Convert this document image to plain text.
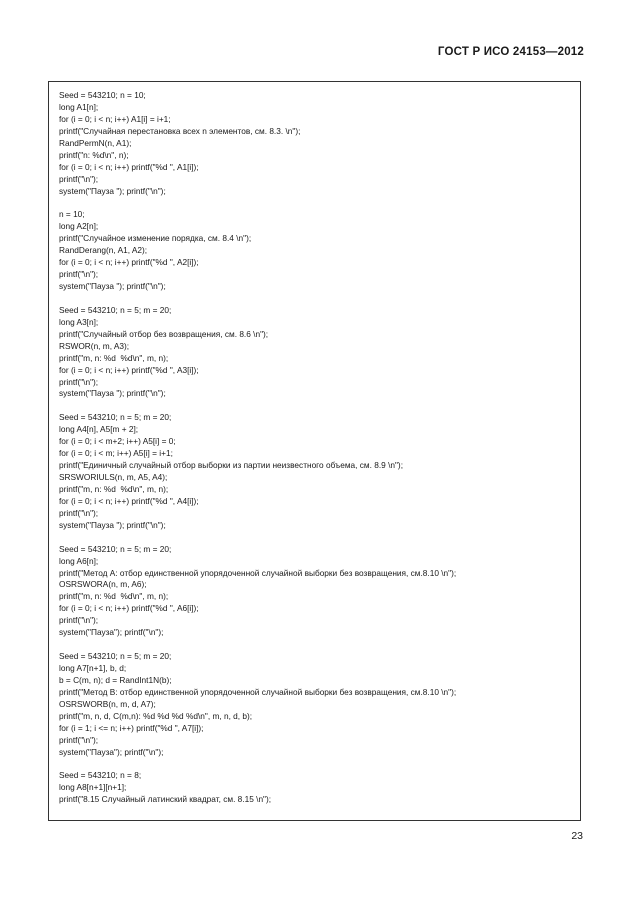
ГОСТ Р ИСО 24153—2012
Seed = 543210; n = 10;
long A1[n];
for (i = 0; i < n; i++) A1[i] = i+1;
printf("Случайная перестановка всех n элементов, см. 8.3. \n");
RandPermN(n, A1);
printf("n: %d\n", n);
for (i = 0; i < n; i++) printf("%d ", A1[i]);
printf("\n");
system("Пауза "); printf("\n");
n = 10;
long A2[n];
printf("Случайное изменение порядка, см. 8.4 \n");
RandDerang(n, A1, A2);
for (i = 0; i < n; i++) printf("%d ", A2[i]);
printf("\n");
system("Пауза "); printf("\n");
Seed = 543210; n = 5; m = 20;
long A3[n];
printf("Случайный отбор без возвращения, см. 8.6 \n");
RSWOR(n, m, A3);
printf("m, n: %d  %d\n", m, n);
for (i = 0; i < n; i++) printf("%d ", A3[i]);
printf("\n");
system("Пауза "); printf("\n");
Seed = 543210; n = 5; m = 20;
long A4[n], A5[m + 2];
for (i = 0; i < m+2; i++) A5[i] = 0;
for (i = 0; i < m; i++) A5[i] = i+1;
printf("Единичный случайный отбор выборки из партии неизвестного объема, см. 8.9 \n");
SRSWORIULS(n, m, A5, A4);
printf("m, n: %d  %d\n", m, n);
for (i = 0; i < n; i++) printf("%d ", A4[i]);
printf("\n");
system("Пауза "); printf("\n");
Seed = 543210; n = 5; m = 20;
long A6[n];
printf("Метод А: отбор единственной упорядоченной случайной выборки без возвращения, см.8.10 \n");
OSRSWORA(n, m, A6);
printf("m, n: %d  %d\n", m, n);
for (i = 0; i < n; i++) printf("%d ", A6[i]);
printf("\n");
system("Пауза"); printf("\n");
Seed = 543210; n = 5; m = 20;
long A7[n+1], b, d;
b = C(m, n); d = RandInt1N(b);
printf("Метод В: отбор единственной упорядоченной случайной выборки без возвращения, см.8.10 \n");
OSRSWORB(n, m, d, A7);
printf("m, n, d, C(m,n): %d %d %d %d\n", m, n, d, b);
for (i = 1; i <= n; i++) printf("%d ", A7[i]);
printf("\n");
system("Пауза"); printf("\n");
Seed = 543210; n = 8;
long A8[n+1][n+1];
printf("8.15 Случайный латинский квадрат, см. 8.15 \n");
23
